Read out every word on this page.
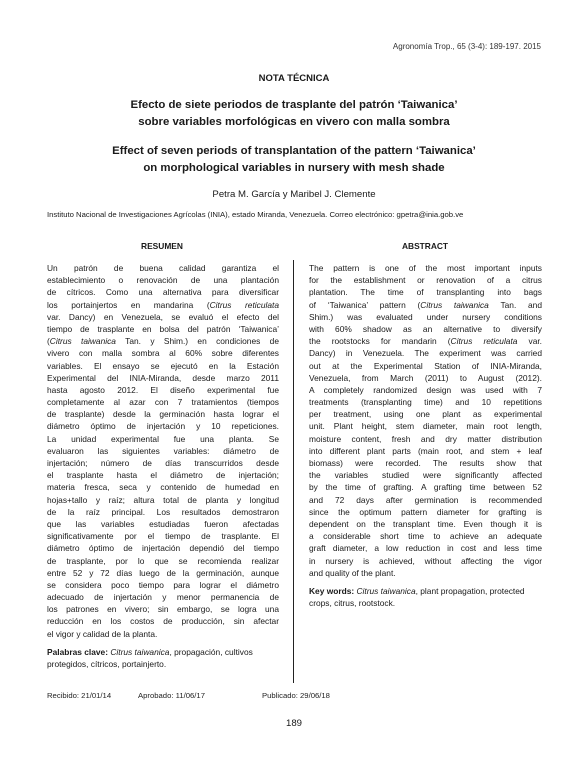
Agronomía Trop., 65 (3-4): 189-197. 2015
NOTA TÉCNICA
Efecto de siete periodos de trasplante del patrón ‘Taiwanica’
sobre variables morfológicas en vivero con malla sombra
Effect of seven periods of transplantation of the pattern ‘Taiwanica’
on morphological variables in nursery with mesh shade
Petra M. García y Maribel J. Clemente
Instituto Nacional de Investigaciones Agrícolas (INIA), estado Miranda, Venezuela. Correo electrónico: gpetra@inia.gob.ve
RESUMEN	ABSTRACT

Un patrón de buena calidad garantiza el
establecimiento o renovación de una plantación
de cítricos. Como una alternativa para diversificar
los portainjertos en mandarina (Citrus reticulata
var. Dancy) en Venezuela, se evaluó el efecto del
tiempo de trasplante en bolsa del patrón ‘Taiwanica’
(Citrus taiwanica Tan. y Shim.) en condiciones de
vivero con malla sombra al 60% sobre diferentes
variables. El ensayo se ejecutó en la Estación
Experimental del INIA-Miranda, desde marzo 2011
hasta agosto 2012. El diseño experimental fue
completamente al azar con 7 tratamientos (tiempos
de trasplante) desde la germinación hasta lograr el
diámetro óptimo de injertación y 10 repeticiones.
La unidad experimental fue una planta. Se
evaluaron las siguientes variables: diámetro de
injertación; número de días transcurridos desde
el trasplante hasta el diámetro de injertación;
materia fresca, seca y contenido de humedad en
hojas+tallo y raíz; altura total de planta y longitud
de la raíz principal. Los resultados demostraron
que las variables estudiadas fueron afectadas
significativamente por el tiempo de trasplante. El
diámetro óptimo de injertación dependió del tiempo
de trasplante, por lo que se recomienda realizar
entre 52 y 72 días luego de la germinación, aunque
se considera poco tiempo para lograr el diámetro
adecuado de injertación y menor permanencia de
los patrones en vivero; sin embargo, se logra una
reducción en los costos de producción, sin afectar
el vigor y calidad de la planta.

Palabras clave: Citrus taiwanica, propagación, cultivos protegidos, cítricos, portainjerto.

The pattern is one of the most important inputs
for the establishment or renovation of a citrus
plantation. The time of transplanting into bags
of ‘Taiwanica’ pattern (Citrus taiwanica Tan. and
Shim.) was evaluated under nursery conditions
with 60% shadow as an alternative to diversify
the rootstocks for mandarin (Citrus reticulata var.
Dancy) in Venezuela. The experiment was carried
out at the Experimental Station of INIA-Miranda,
Venezuela, from March (2011) to August (2012).
A completely randomized design was used with 7
treatments (transplanting time) and 10 repetitions
per treatment, using one plant as experimental
unit. Plant height, stem diameter, main root length,
moisture content, fresh and dry matter distribution
into different plant parts (main root, and stem + leaf
biomass) were recorded. The results show that
the variables studied were significantly affected
by the time of grafting. A grafting time between 52
and 72 days after germination is recommended
since the optimum pattern diameter for grafting is
dependent on the transplant time. Even though it is
a considerable short time to achieve an adequate
graft diameter, a low reduction in cost and less time
in nursery is achieved, without affecting the vigor
and quality of the plant.

Key words: Citrus taiwanica, plant propagation, protected crops, citrus, rootstock.

Recibido: 21/01/14	Aprobado: 11/06/17	Publicado: 29/06/18
189
